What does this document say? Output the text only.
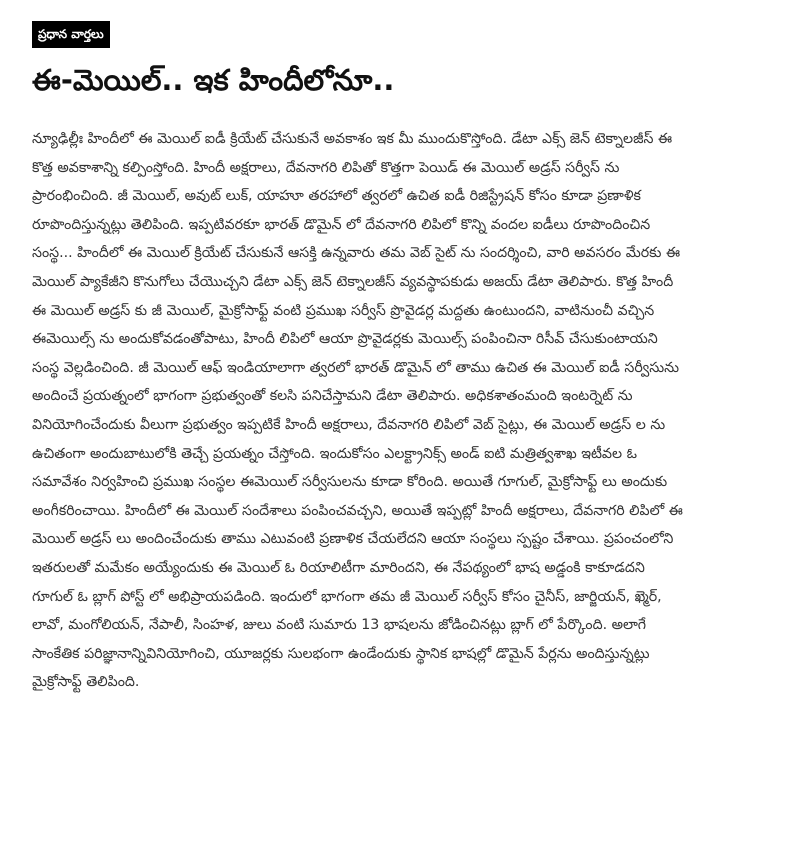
ప్రధాన వార్తలు
ఈ-మెయిల్.. ఇక హిందీలోనూ..
న్యూఢిల్లీః హిందీలో ఈ మెయిల్ ఐడీ క్రియేట్ చేసుకునే అవకాశం ఇక మీ ముందుకొస్తోంది. డేటా ఎక్స్ జెన్ టెక్నాలజీస్ ఈ
కొత్త అవకాశాన్ని కల్పింస్తోంది. హిందీ అక్షరాలు, దేవనాగరి లిపితో కొత్తగా పెయిడ్ ఈ మెయిల్ అడ్రస్ సర్వీస్ ను
ప్రారంభించింది. జీ మెయిల్, అవుట్ లుక్, యాహూ తరహాలో త్వరలో ఉచిత ఐడీ రిజిస్ట్రేషన్ కోసం కూడా ప్రణాళిక
రూపొందిస్తున్నట్లు తెలిపింది. ఇప్పటివరకూ భారత్ డొమైన్ లో దేవనాగరి లిపిలో కొన్ని వందల ఐడీలు రూపొందించిన
సంస్థ... హిందీలో ఈ మెయిల్ క్రియేట్ చేసుకునే ఆసక్తి ఉన్నవారు తమ వెబ్ సైట్ ను సందర్శించి, వారి అవసరం మేరకు ఈ
మెయిల్ ప్యాకేజీని కొనుగోలు చేయొచ్చని డేటా ఎక్స్ జెన్ టెక్నాలజీస్ వ్యవస్థాపకుడు అజయ్ డేటా తెలిపారు. కొత్త హిందీ
ఈ మెయిల్ అడ్రస్ కు జీ మెయిల్, మైక్రోసాఫ్ట్ వంటి ప్రముఖ సర్వీస్ ప్రొవైడర్ల మద్దతు ఉంటుందని, వాటినుంచీ వచ్చిన
ఈమెయిల్స్ ను అందుకోవడంతోపాటు, హిందీ లిపిలో ఆయా ప్రొవైడర్లకు మెయిల్స్ పంపించినా రిసీవ్ చేసుకుంటాయని
సంస్థ వెల్లడించింది. జీ మెయిల్ ఆఫ్ ఇండియాలాగా త్వరలో భారత్ డొమైన్ లో తాము ఉచిత ఈ మెయిల్ ఐడీ సర్వీసును
అందించే ప్రయత్నంలో భాగంగా ప్రభుత్వంతో కలసి పనిచేస్తామని డేటా తెలిపారు. అధికశాతంమంది ఇంటర్నెట్ ను
వినియోగించేందుకు వీలుగా ప్రభుత్వం ఇప్పటికే హిందీ అక్షరాలు, దేవనాగరి లిపిలో వెబ్ సైట్లు, ఈ మెయిల్ అడ్రస్ ల ను
ఉచితంగా అందుబాటులోకి తెచ్చే ప్రయత్నం చేస్తోంది. ఇందుకోసం ఎలక్ట్రానిక్స్ అండ్ ఐటి మత్రిత్వశాఖ ఇటీవల ఓ
సమావేశం నిర్వహించి ప్రముఖ సంస్థల ఈమెయిల్ సర్వీసులను కూడా కోరింది. అయితే గూగుల్, మైక్రోసాఫ్ట్ లు అందుకు
అంగీకరించాయి. హిందీలో ఈ మెయిల్ సందేశాలు పంపించవచ్చని, అయితే ఇప్పట్లో హిందీ అక్షరాలు, దేవనాగరి లిపిలో ఈ
మెయిల్ అడ్రస్ లు అందించేందుకు తాము ఎటువంటి ప్రణాళిక చేయలేదని ఆయా సంస్థలు స్పష్టం చేశాయి. ప్రపంచంలోని
ఇతరులతో మమేకం అయ్యేందుకు ఈ మెయిల్ ఓ రియాలిటీగా మారిందని, ఈ నేపథ్యంలో భాష అడ్డంకి కాకూడదని
గూగుల్ ఓ బ్లాగ్ పోస్ట్ లో అభిప్రాయపడింది. ఇందులో భాగంగా తమ జీ మెయిల్ సర్వీస్ కోసం చైనీస్, జార్జియన్, ఖ్మెర్,
లావో, మంగోలియన్, నేపాలీ, సింహళ, జులు వంటి సుమారు 13 భాషలను జోడించినట్లు బ్లాగ్ లో పేర్కొంది. అలాగే
సాంకేతిక పరిజ్ఞానాన్నివినియోగించి, యూజర్లకు సులభంగా ఉండేందుకు స్థానిక భాషల్లో డొమైన్ పేర్లను అందిస్తున్నట్లు
మైక్రోసాఫ్ట్ తెలిపింది.
